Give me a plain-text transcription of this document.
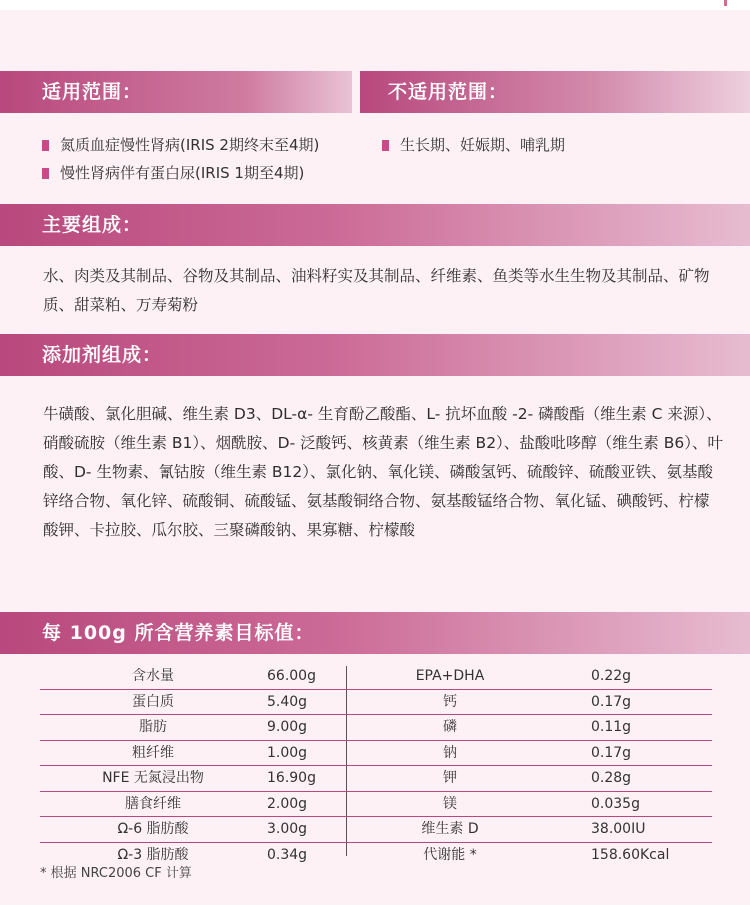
适用范围：	不适用范围：
氮质血症慢性肾病(IRIS 2期终末至4期)
慢性肾病伴有蛋白尿(IRIS 1期至4期)
生长期、妊娠期、哺乳期
主要组成：
水、肉类及其制品、谷物及其制品、油料籽实及其制品、纤维素、鱼类等水生生物及其制品、矿物质、甜菜粕、万寿菊粉
添加剂组成：
牛磺酸、氯化胆碱、维生素 D3、DL-α- 生育酚乙酸酯、L- 抗坏血酸 -2- 磷酸酯（维生素 C 来源）、硝酸硫胺（维生素 B1）、烟酰胺、D- 泛酸钙、核黄素（维生素 B2）、盐酸吡哆醇（维生素 B6）、叶酸、D- 生物素、氰钴胺（维生素 B12）、氯化钠、氧化镁、磷酸氢钙、硫酸锌、硫酸亚铁、氨基酸锌络合物、氧化锌、硫酸铜、硫酸锰、氨基酸铜络合物、氨基酸锰络合物、氧化锰、碘酸钙、柠檬酸钾、卡拉胶、瓜尔胶、三聚磷酸钠、果寡糖、柠檬酸
每 100g 所含营养素目标值：
含水量	66.00g	EPA+DHA	0.22g
蛋白质	5.40g	钙	0.17g
脂肪	9.00g	磷	0.11g
粗纤维	1.00g	钠	0.17g
NFE 无氮浸出物	16.90g	钾	0.28g
膳食纤维	2.00g	镁	0.035g
Ω-6 脂肪酸	3.00g	维生素 D	38.00IU
Ω-3 脂肪酸	0.34g	代谢能 *	158.60Kcal
* 根据 NRC2006 CF 计算
